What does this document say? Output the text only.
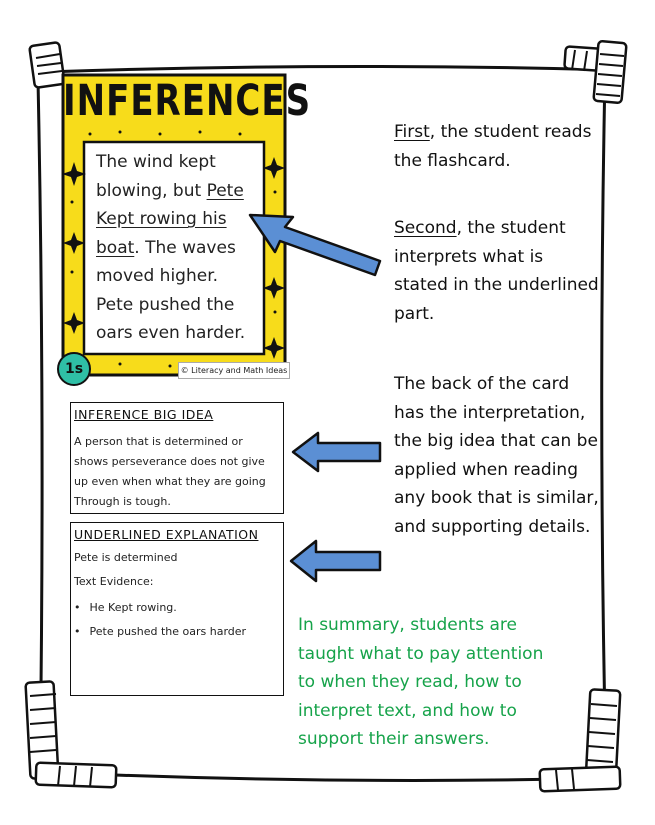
INFERENCES
The wind kept blowing, but Pete Kept rowing his boat. The waves moved higher. Pete pushed the oars even harder.
1s	© Literacy and Math Ideas
First, the student reads the flashcard.
Second, the student interprets what is stated in the underlined part.
The back of the card has the interpretation, the big idea that can be applied when reading any book that is similar, and supporting details.
In summary, students are taught what to pay attention to when they read, how to interpret text, and how to support their answers.
INFERENCE BIG IDEA
A person that is determined or shows perseverance does not give up even when what they are going Through is tough.
UNDERLINED EXPLANATION
Pete is determined
Text Evidence:
• He Kept rowing.
• Pete pushed the oars harder
